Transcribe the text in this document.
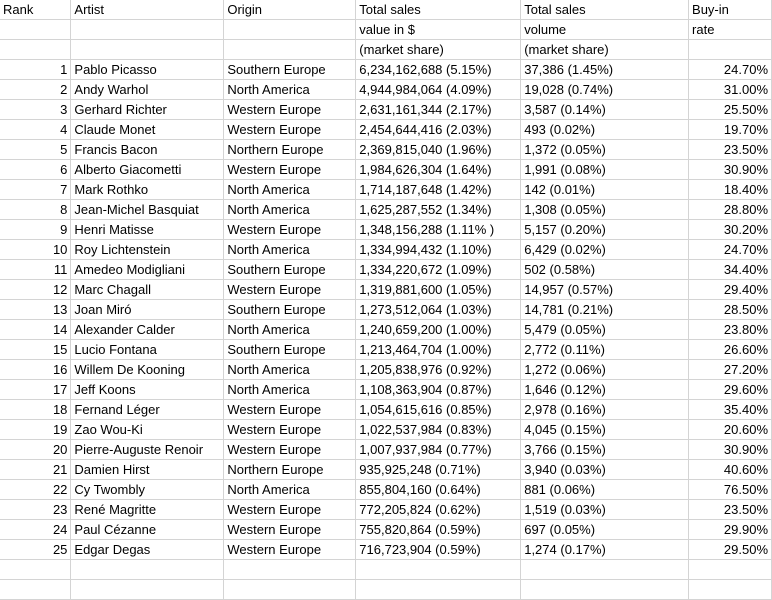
Rank	Artist	Origin	Total sales	Total sales	Buy-in
			value in $	volume	rate
			(market share)	(market share)	
1	Pablo Picasso	Southern Europe	6,234,162,688 (5.15%)	37,386 (1.45%)	24.70%
2	Andy Warhol	North America	4,944,984,064 (4.09%)	19,028 (0.74%)	31.00%
3	Gerhard Richter	Western Europe	2,631,161,344 (2.17%)	3,587 (0.14%)	25.50%
4	Claude Monet	Western Europe	2,454,644,416 (2.03%)	493 (0.02%)	19.70%
5	Francis Bacon	Northern Europe	2,369,815,040 (1.96%)	1,372 (0.05%)	23.50%
6	Alberto Giacometti	Western Europe	1,984,626,304 (1.64%)	1,991 (0.08%)	30.90%
7	Mark Rothko	North America	1,714,187,648 (1.42%)	142 (0.01%)	18.40%
8	Jean-Michel Basquiat	North America	1,625,287,552 (1.34%)	1,308 (0.05%)	28.80%
9	Henri Matisse	Western Europe	1,348,156,288 (1.11% )	5,157 (0.20%)	30.20%
10	Roy Lichtenstein	North America	1,334,994,432 (1.10%)	6,429 (0.02%)	24.70%
11	Amedeo Modigliani	Southern Europe	1,334,220,672 (1.09%)	502 (0.58%)	34.40%
12	Marc Chagall	Western Europe	1,319,881,600 (1.05%)	14,957 (0.57%)	29.40%
13	Joan Miró	Southern Europe	1,273,512,064 (1.03%)	14,781 (0.21%)	28.50%
14	Alexander Calder	North America	1,240,659,200 (1.00%)	5,479 (0.05%)	23.80%
15	Lucio Fontana	Southern Europe	1,213,464,704 (1.00%)	2,772 (0.11%)	26.60%
16	Willem De Kooning	North America	1,205,838,976 (0.92%)	1,272 (0.06%)	27.20%
17	Jeff Koons	North America	1,108,363,904 (0.87%)	1,646 (0.12%)	29.60%
18	Fernand Léger	Western Europe	1,054,615,616 (0.85%)	2,978 (0.16%)	35.40%
19	Zao Wou-Ki	Western Europe	1,022,537,984 (0.83%)	4,045 (0.15%)	20.60%
20	Pierre-Auguste Renoir	Western Europe	1,007,937,984 (0.77%)	3,766 (0.15%)	30.90%
21	Damien Hirst	Northern Europe	935,925,248 (0.71%)	3,940 (0.03%)	40.60%
22	Cy Twombly	North America	855,804,160 (0.64%)	881 (0.06%)	76.50%
23	René Magritte	Western Europe	772,205,824 (0.62%)	1,519 (0.03%)	23.50%
24	Paul Cézanne	Western Europe	755,820,864 (0.59%)	697 (0.05%)	29.90%
25	Edgar Degas	Western Europe	716,723,904 (0.59%)	1,274 (0.17%)	29.50%
